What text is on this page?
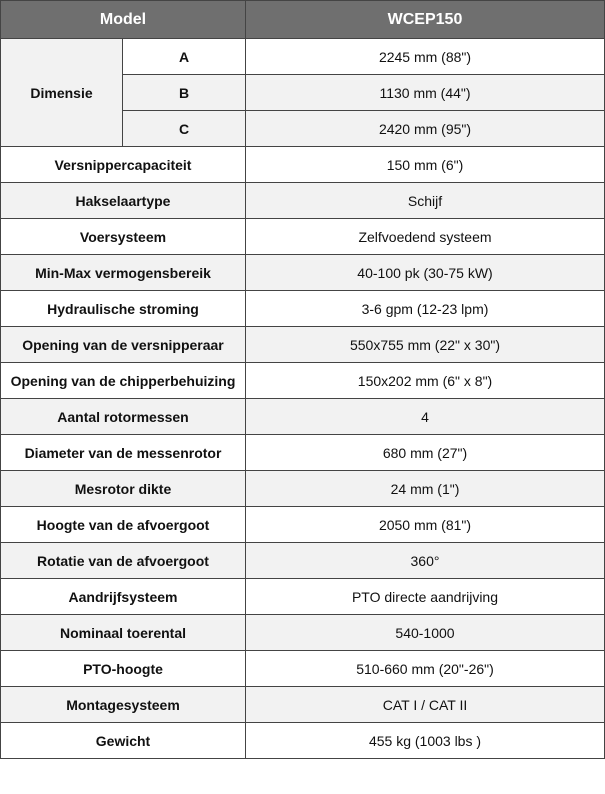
Model		WCEP150
Dimensie	A	2245 mm (88")
	B	1130 mm (44")
	C	2420 mm (95")
Versnippercapaciteit		150 mm (6")
Hakselaartype		Schijf
Voersysteem		Zelfvoedend systeem
Min-Max vermogensbereik		40-100 pk (30-75 kW)
Hydraulische stroming		3-6 gpm (12-23 lpm)
Opening van de versnipperaar		550x755 mm (22" x 30")
Opening van de chipperbehuizing		150x202 mm (6" x 8")
Aantal rotormessen		4
Diameter van de messenrotor		680 mm (27")
Mesrotor dikte		24 mm (1")
Hoogte van de afvoergoot		2050 mm (81")
Rotatie van de afvoergoot		360°
Aandrijfsysteem		PTO directe aandrijving
Nominaal toerental		540-1000
PTO-hoogte		510-660 mm (20"-26")
Montagesysteem		CAT I / CAT II
Gewicht		455 kg (1003 lbs )
